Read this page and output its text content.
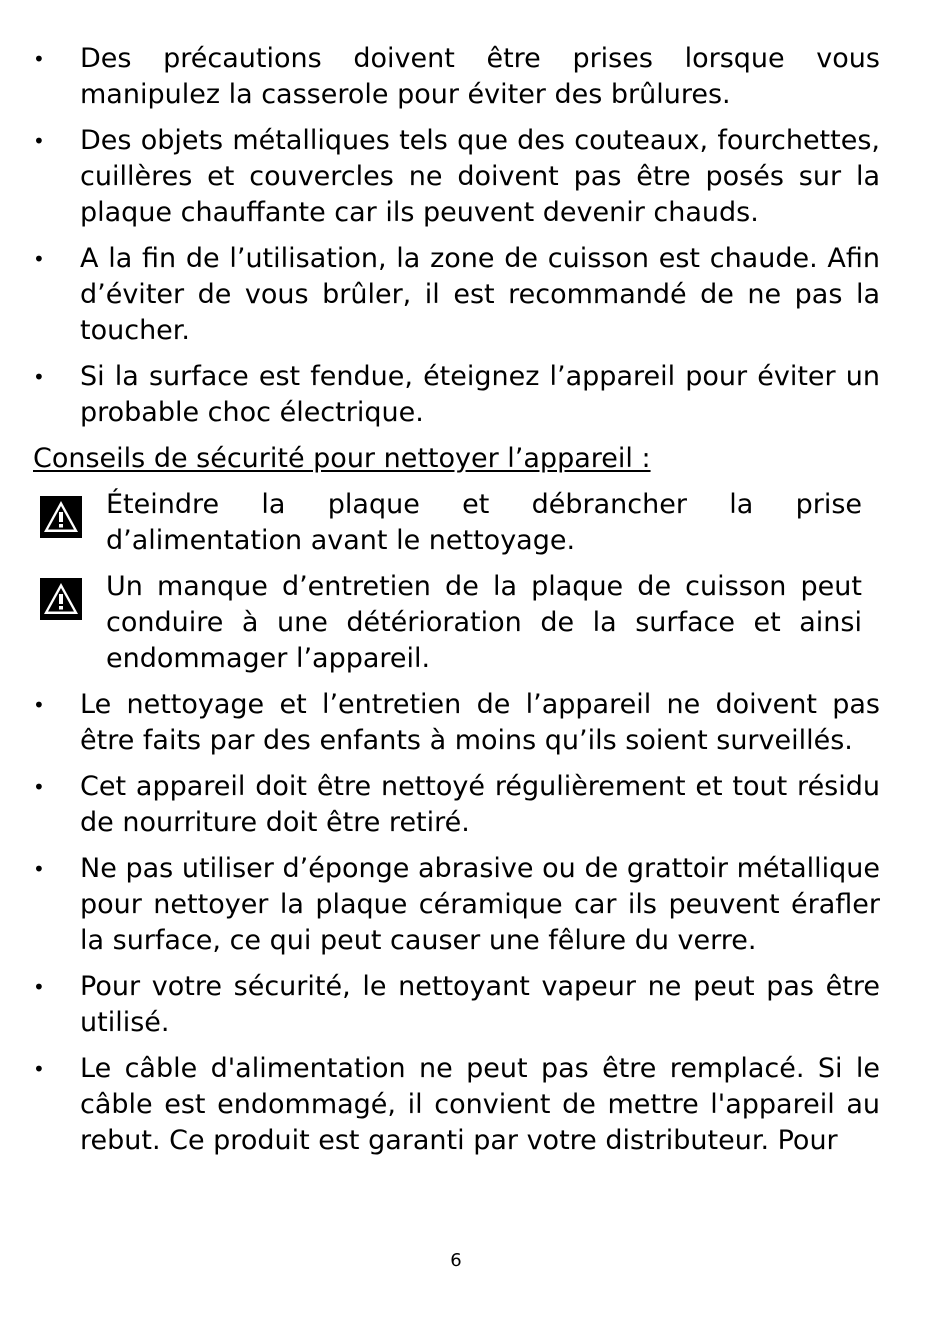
• Des précautions doivent être prises lorsque vous manipulez la casserole pour éviter des brûlures.
• Des objets métalliques tels que des couteaux, fourchettes, cuillères et couvercles ne doivent pas être posés sur la plaque chauffante car ils peuvent devenir chauds.
• A la fin de l’utilisation, la zone de cuisson est chaude. Afin d’éviter de vous brûler, il est recommandé de ne pas la toucher.
• Si la surface est fendue, éteignez l’appareil pour éviter un probable choc électrique.
Conseils de sécurité pour nettoyer l’appareil :
Éteindre la plaque et débrancher la prise d’alimentation avant le nettoyage.
Un manque d’entretien de la plaque de cuisson peut conduire à une détérioration de la surface et ainsi endommager l’appareil.
• Le nettoyage et l’entretien de l’appareil ne doivent pas être faits par des enfants à moins qu’ils soient surveillés.
• Cet appareil doit être nettoyé régulièrement et tout résidu de nourriture doit être retiré.
• Ne pas utiliser d’éponge abrasive ou de grattoir métallique pour nettoyer la plaque céramique car ils peuvent érafler la surface, ce qui peut causer une fêlure du verre.
• Pour votre sécurité, le nettoyant vapeur ne peut pas être utilisé.
• Le câble d'alimentation ne peut pas être remplacé. Si le câble est endommagé, il convient de mettre l'appareil au rebut. Ce produit est garanti par votre distributeur. Pour
6
